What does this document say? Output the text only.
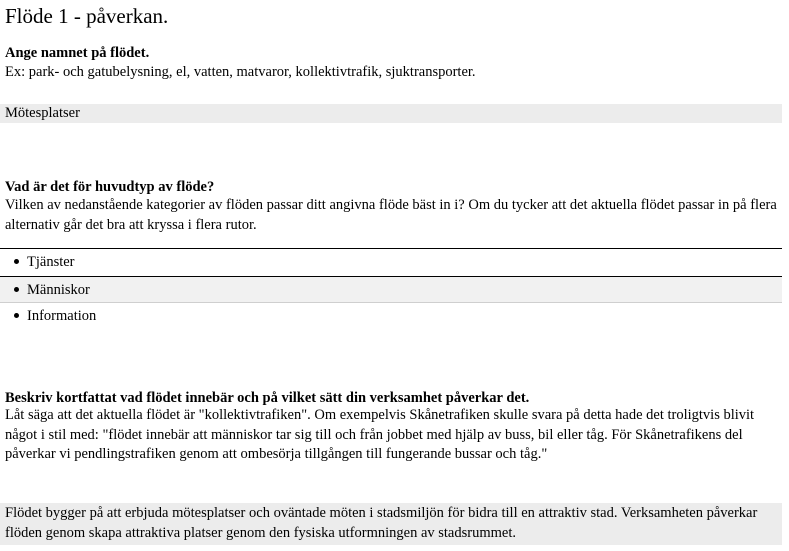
Flöde 1 - påverkan.
Ange namnet på flödet.
Ex: park- och gatubelysning, el, vatten, matvaror, kollektivtrafik, sjuktransporter.
Mötesplatser
Vad är det för huvudtyp av flöde?
Vilken av nedanstående kategorier av flöden passar ditt angivna flöde bäst in i? Om du tycker att det aktuella flödet passar in på flera alternativ går det bra att kryssa i flera rutor.
Tjänster
Människor
Information
Beskriv kortfattat vad flödet innebär och på vilket sätt din verksamhet påverkar det.
Låt säga att det aktuella flödet är "kollektivtrafiken". Om exempelvis Skånetrafiken skulle svara på detta hade det troligtvis blivit något i stil med: "flödet innebär att människor tar sig till och från jobbet med hjälp av buss, bil eller tåg. För Skånetrafikens del påverkar vi pendlingstrafiken genom att ombesörja tillgången till fungerande bussar och tåg."
Flödet bygger på att erbjuda mötesplatser och oväntade möten i stadsmiljön för bidra till en attraktiv stad. Verksamheten påverkar flöden genom skapa attraktiva platser genom den fysiska utformningen av stadsrummet.
